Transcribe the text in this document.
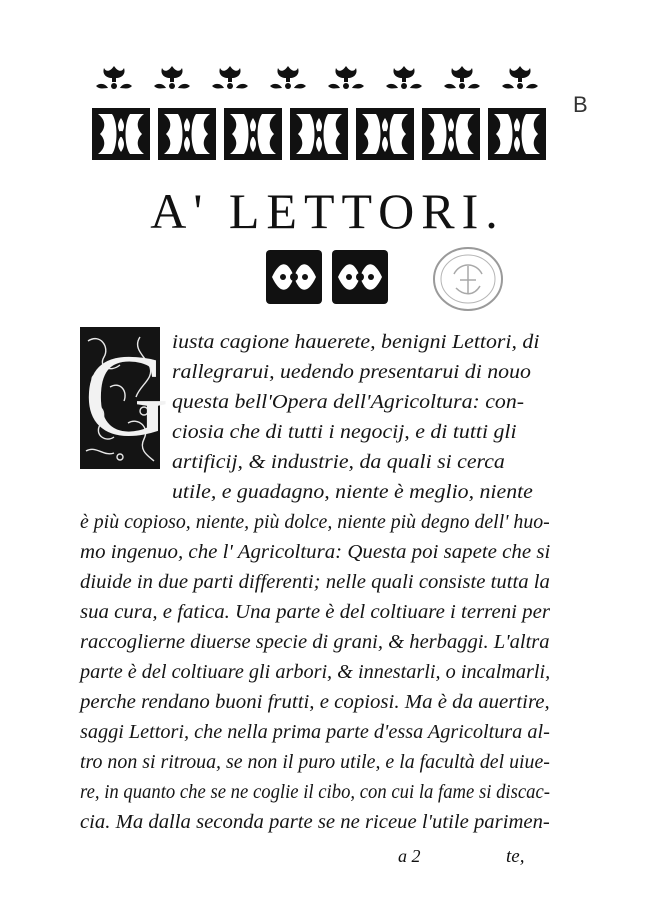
B
A' LETTORI.
G iusta cagione hauerete, benigni Lettori, di
rallegrarui, uedendo presentarui di nouo
questa bell'Opera dell'Agricoltura: con-
ciosia che di tutti i negocij, e di tutti gli
artificij, & industrie, da quali si cerca
utile, e guadagno, niente è meglio, niente
è più copioso, niente, più dolce, niente più degno dell' huo-
mo ingenuo, che l' Agricoltura: Questa poi sapete che si
diuide in due parti differenti; nelle quali consiste tutta la
sua cura, e fatica. Una parte è del coltiuare i terreni per
raccoglierne diuerse specie di grani, & herbaggi. L'altra
parte è del coltiuare gli arbori, & innestarli, o incalmarli,
perche rendano buoni frutti, e copiosi. Ma è da auertire,
saggi Lettori, che nella prima parte d'essa Agricoltura al-
tro non si ritroua, se non il puro utile, e la facultà del uiue-
re, in quanto che se ne coglie il cibo, con cui la fame si discac-
cia. Ma dalla seconda parte se ne riceue l'utile parimen-
a 2	te,
